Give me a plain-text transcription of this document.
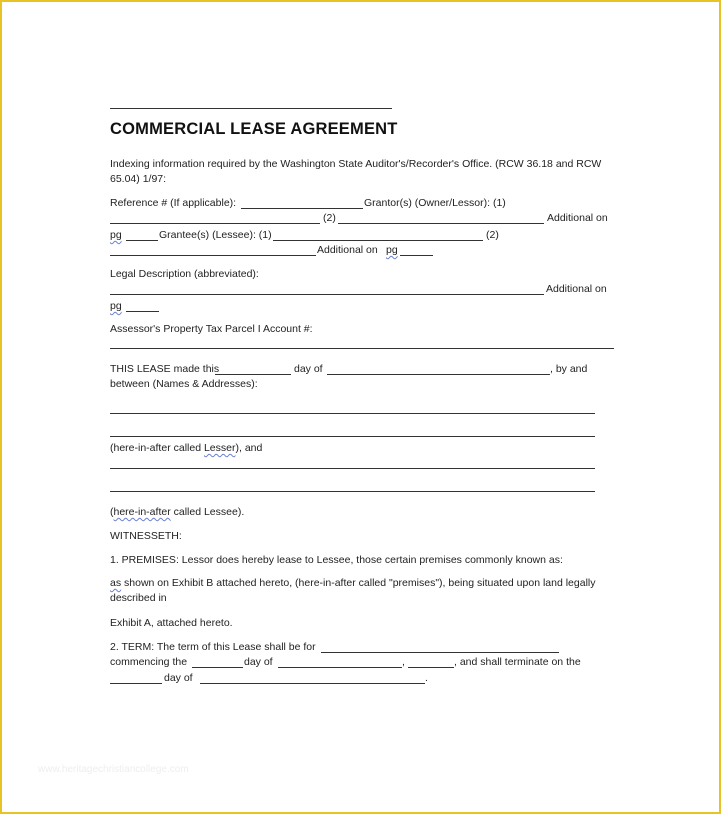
COMMERCIAL LEASE AGREEMENT
Indexing information required by the Washington State Auditor's/Recorder's Office. (RCW 36.18 and RCW
65.04) 1/97:
Reference # (If applicable):	Grantor(s) (Owner/Lessor): (1)
(2)	Additional on
pg	Grantee(s) (Lessee): (1)	(2)
Additional on pg
Legal Description (abbreviated):
Additional on
pg
Assessor's Property Tax Parcel I Account #:
THIS LEASE made this	day of	, by and
between (Names & Addresses):
(here-in-after called Lesser), and
(here-in-after called Lessee).
WITNESSETH:
1. PREMISES: Lessor does hereby lease to Lessee, those certain premises commonly known as:
as shown on Exhibit B attached hereto, (here-in-after called "premises"), being situated upon land legally
described in
Exhibit A, attached hereto.
2. TERM: The term of this Lease shall be for
commencing the	day of	,	, and shall terminate on the
day of	.
www.heritagechristiancollege.com
